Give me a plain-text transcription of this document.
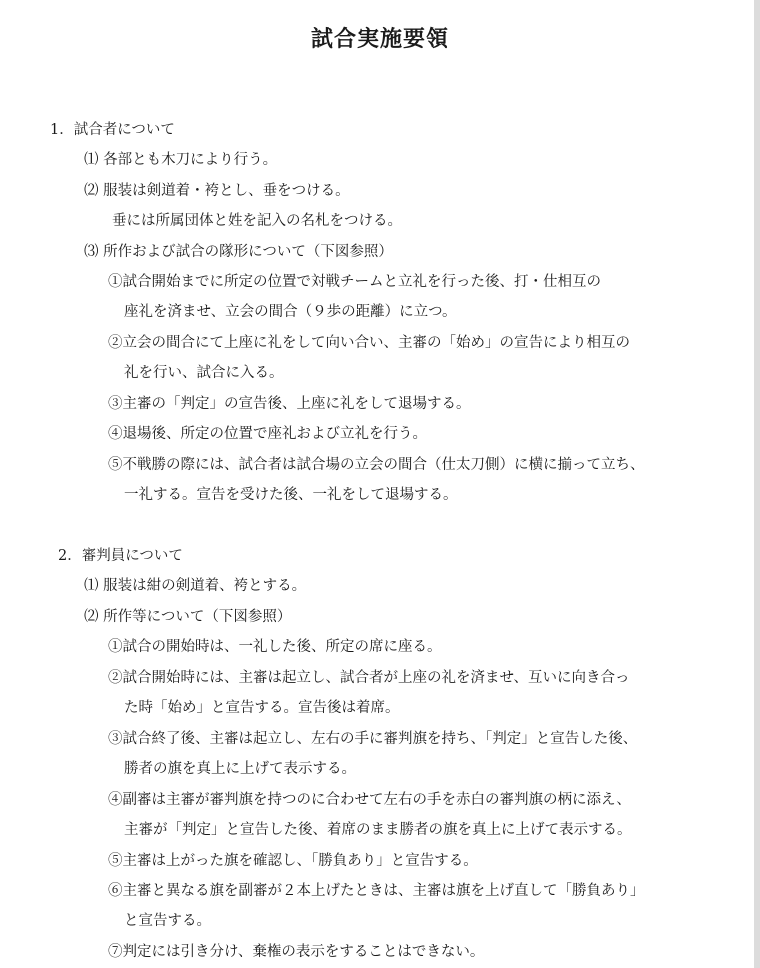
試合実施要領
1．試合者について
⑴ 各部とも木刀により行う。
⑵ 服装は剣道着・袴とし、垂をつける。
垂には所属団体と姓を記入の名札をつける。
⑶ 所作および試合の隊形について（下図参照）
①試合開始までに所定の位置で対戦チームと立礼を行った後、打・仕相互の
座礼を済ませ、立会の間合（９歩の距離）に立つ。
②立会の間合にて上座に礼をして向い合い、主審の「始め」の宣告により相互の
礼を行い、試合に入る。
③主審の「判定」の宣告後、上座に礼をして退場する。
④退場後、所定の位置で座礼および立礼を行う。
⑤不戦勝の際には、試合者は試合場の立会の間合（仕太刀側）に横に揃って立ち、
一礼する。宣告を受けた後、一礼をして退場する。
2．審判員について
⑴ 服装は紺の剣道着、袴とする。
⑵ 所作等について（下図参照）
①試合の開始時は、一礼した後、所定の席に座る。
②試合開始時には、主審は起立し、試合者が上座の礼を済ませ、互いに向き合っ
た時「始め」と宣告する。宣告後は着席。
③試合終了後、主審は起立し、左右の手に審判旗を持ち、「判定」と宣告した後、
勝者の旗を真上に上げて表示する。
④副審は主審が審判旗を持つのに合わせて左右の手を赤白の審判旗の柄に添え、
主審が「判定」と宣告した後、着席のまま勝者の旗を真上に上げて表示する。
⑤主審は上がった旗を確認し、「勝負あり」と宣告する。
⑥主審と異なる旗を副審が２本上げたときは、主審は旗を上げ直して「勝負あり」
と宣告する。
⑦判定には引き分け、棄権の表示をすることはできない。
